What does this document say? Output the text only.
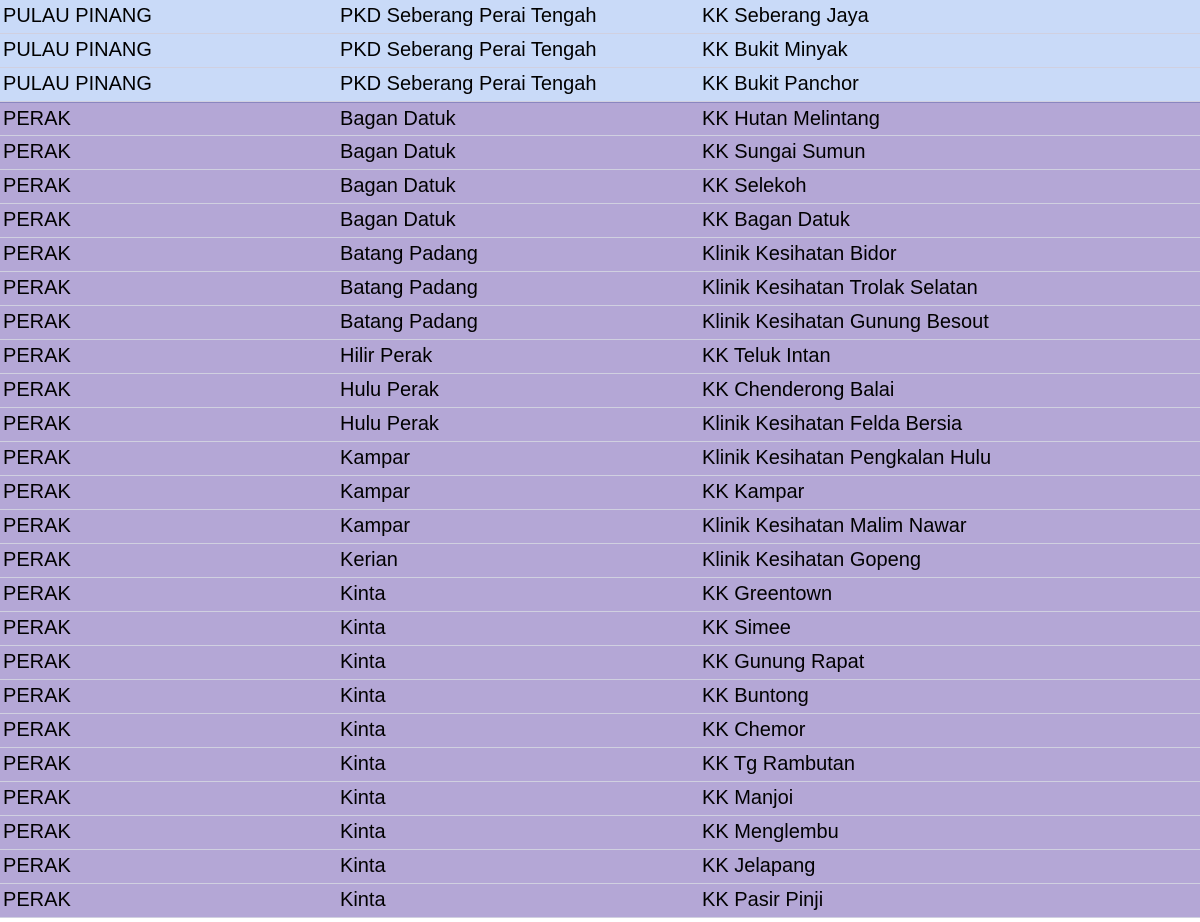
PULAU PINANG	PKD Seberang Perai Tengah	KK Seberang Jaya
PULAU PINANG	PKD Seberang Perai Tengah	KK Bukit Minyak
PULAU PINANG	PKD Seberang Perai Tengah	KK Bukit Panchor
PERAK	Bagan Datuk	KK Hutan Melintang
PERAK	Bagan Datuk	KK Sungai Sumun
PERAK	Bagan Datuk	KK Selekoh
PERAK	Bagan Datuk	KK Bagan Datuk
PERAK	Batang Padang	Klinik Kesihatan Bidor
PERAK	Batang Padang	Klinik Kesihatan Trolak Selatan
PERAK	Batang Padang	Klinik Kesihatan Gunung Besout
PERAK	Hilir Perak	KK Teluk Intan
PERAK	Hulu Perak	KK Chenderong Balai
PERAK	Hulu Perak	Klinik Kesihatan Felda Bersia
PERAK	Kampar	Klinik Kesihatan Pengkalan Hulu
PERAK	Kampar	KK Kampar
PERAK	Kampar	Klinik Kesihatan Malim Nawar
PERAK	Kerian	Klinik Kesihatan Gopeng
PERAK	Kinta	KK Greentown
PERAK	Kinta	KK Simee
PERAK	Kinta	KK Gunung Rapat
PERAK	Kinta	KK Buntong
PERAK	Kinta	KK Chemor
PERAK	Kinta	KK Tg Rambutan
PERAK	Kinta	KK Manjoi
PERAK	Kinta	KK Menglembu
PERAK	Kinta	KK Jelapang
PERAK	Kinta	KK Pasir Pinji
